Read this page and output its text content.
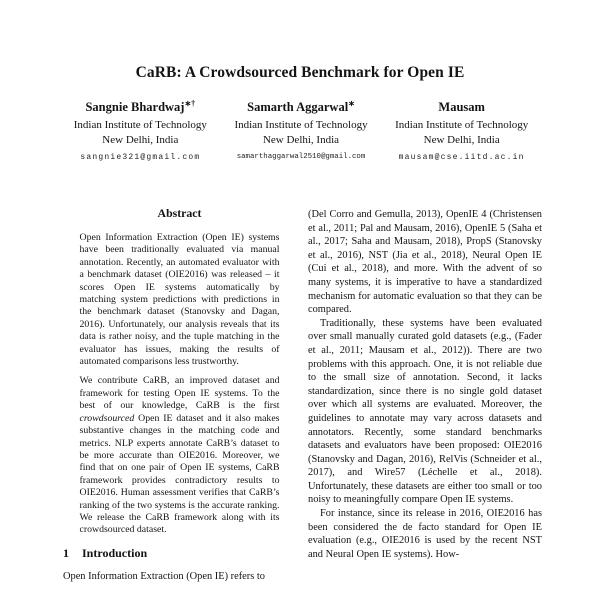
CaRB: A Crowdsourced Benchmark for Open IE
Sangnie Bhardwaj∗†
Indian Institute of Technology
New Delhi, India
sangnie321@gmail.com
Samarth Aggarwal∗
Indian Institute of Technology
New Delhi, India
samarthaggarwal2510@gmail.com
Mausam
Indian Institute of Technology
New Delhi, India
mausam@cse.iitd.ac.in
Abstract

Open Information Extraction (Open IE) systems have been traditionally evaluated via manual annotation. Recently, an automated evaluator with a benchmark dataset (OIE2016) was released – it scores Open IE systems automatically by matching system predictions with predictions in the benchmark dataset (Stanovsky and Dagan, 2016). Unfortunately, our analysis reveals that its data is rather noisy, and the tuple matching in the evaluator has issues, making the results of automated comparisons less trustworthy.

We contribute CaRB, an improved dataset and framework for testing Open IE systems. To the best of our knowledge, CaRB is the first crowdsourced Open IE dataset and it also makes substantive changes in the matching code and metrics. NLP experts annotate CaRB’s dataset to be more accurate than OIE2016. Moreover, we find that on one pair of Open IE systems, CaRB framework provides contradictory results to OIE2016. Human assessment verifies that CaRB’s ranking of the two systems is the accurate ranking. We release the CaRB framework along with its crowdsourced dataset.

1 Introduction

Open Information Extraction (Open IE) refers to

(Del Corro and Gemulla, 2013), OpenIE 4 (Christensen et al., 2011; Pal and Mausam, 2016), OpenIE 5 (Saha et al., 2017; Saha and Mausam, 2018), PropS (Stanovsky et al., 2016), NST (Jia et al., 2018), Neural Open IE (Cui et al., 2018), and more. With the advent of so many systems, it is imperative to have a standardized mechanism for automatic evaluation so that they can be compared.

Traditionally, these systems have been evaluated over small manually curated gold datasets (e.g., (Fader et al., 2011; Mausam et al., 2012)). There are two problems with this approach. One, it is not reliable due to the small size of annotation. Second, it lacks standardization, since there is no single gold dataset over which all systems are evaluated. Moreover, the guidelines to annotate may vary across datasets and annotators. Recently, some standard benchmarks datasets and evaluators have been proposed: OIE2016 (Stanovsky and Dagan, 2016), RelVis (Schneider et al., 2017), and Wire57 (Léchelle et al., 2018). Unfortunately, these datasets are either too small or too noisy to meaningfully compare Open IE systems.

For instance, since its release in 2016, OIE2016 has been considered the de facto standard for Open IE evaluation (e.g., OIE2016 is used by the recent NST and Neural Open IE systems). How-
